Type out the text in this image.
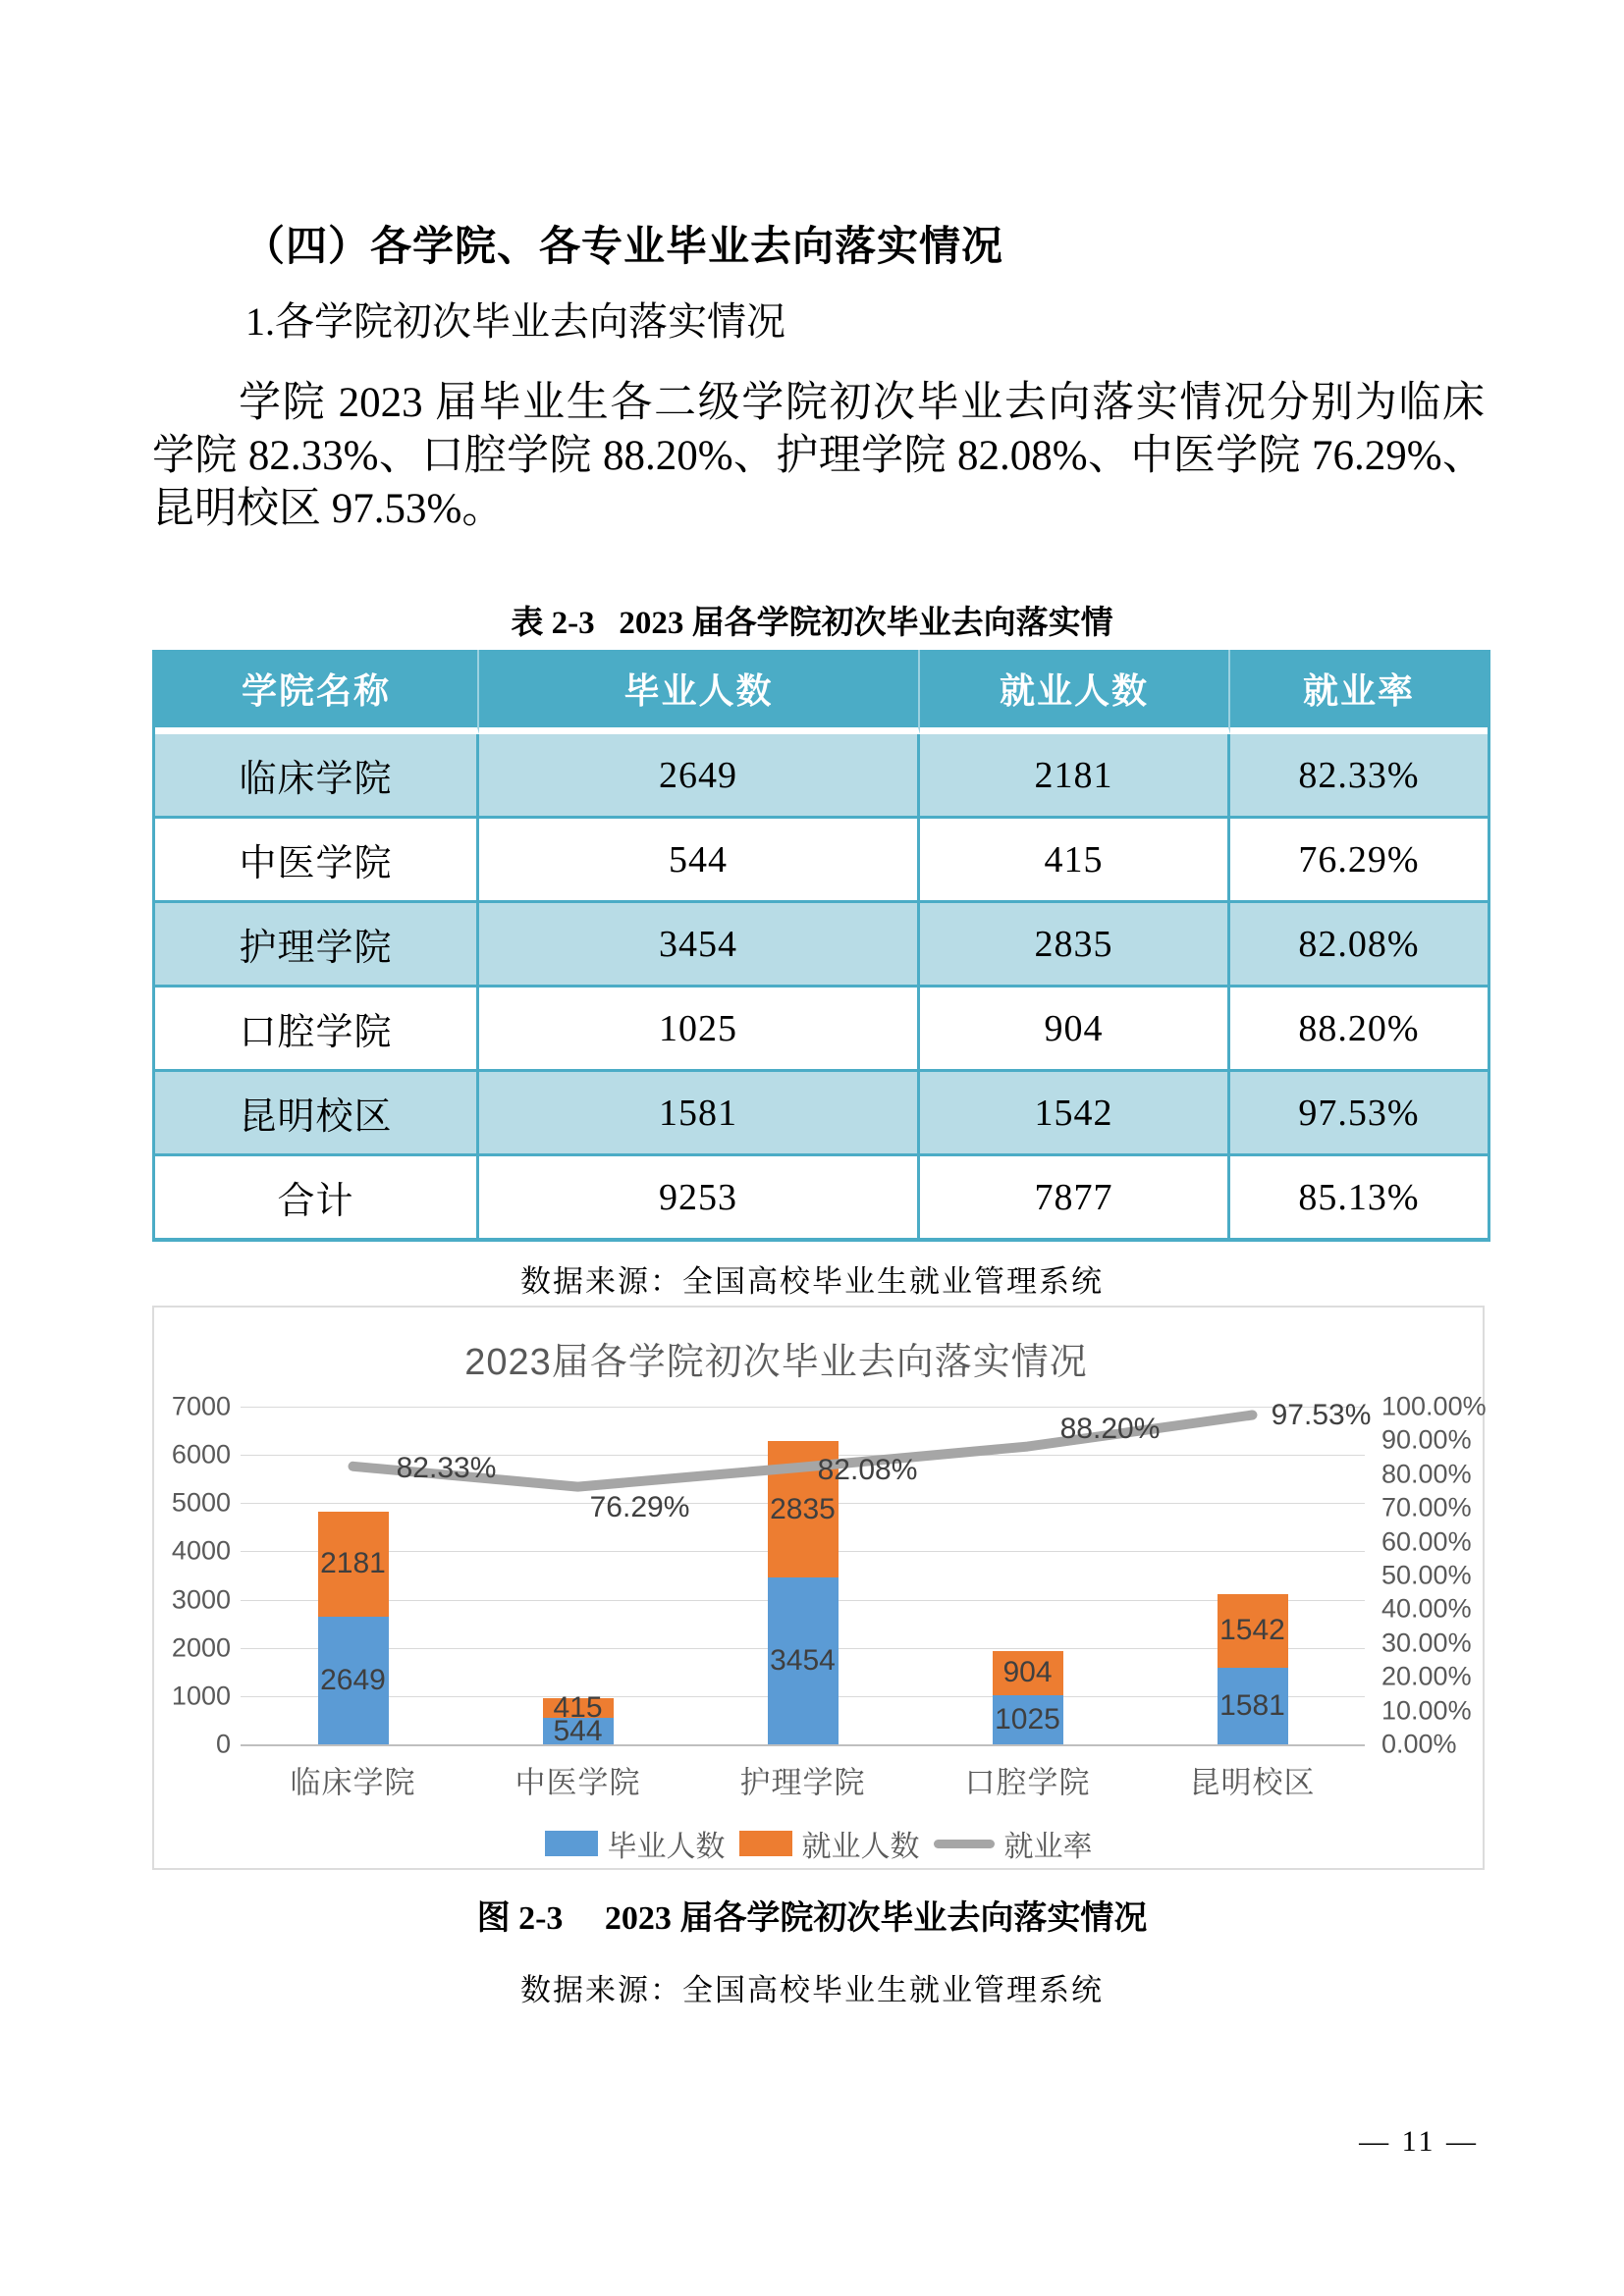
（四）各学院、各专业毕业去向落实情况
1.各学院初次毕业去向落实情况
学院 2023 届毕业生各二级学院初次毕业去向落实情况分别为临床
学院 82.33%、口腔学院 88.20%、护理学院 82.08%、中医学院 76.29%、
昆明校区 97.53%。
表 2-3   2023 届各学院初次毕业去向落实情
学院名称	毕业人数	就业人数	就业率
临床学院	2649	2181	82.33%
中医学院	544	415	76.29%
护理学院	3454	2835	82.08%
口腔学院	1025	904	88.20%
昆明校区	1581	1542	97.53%
合计	9253	7877	85.13%
数据来源：全国高校毕业生就业管理系统
2023届各学院初次毕业去向落实情况
0
1000
2000
3000
4000
5000
6000
7000
0.00%
10.00%
20.00%
30.00%
40.00%
50.00%
60.00%
70.00%
80.00%
90.00%
100.00%
2649
2181
临床学院
544
415
中医学院
3454
2835
护理学院
1025
904
口腔学院
1581
1542
昆明校区
82.33%
76.29%
82.08%
88.20%	97.53%
毕业人数	就业人数	就业率
图 2-3     2023 届各学院初次毕业去向落实情况
数据来源：全国高校毕业生就业管理系统
— 11 —
